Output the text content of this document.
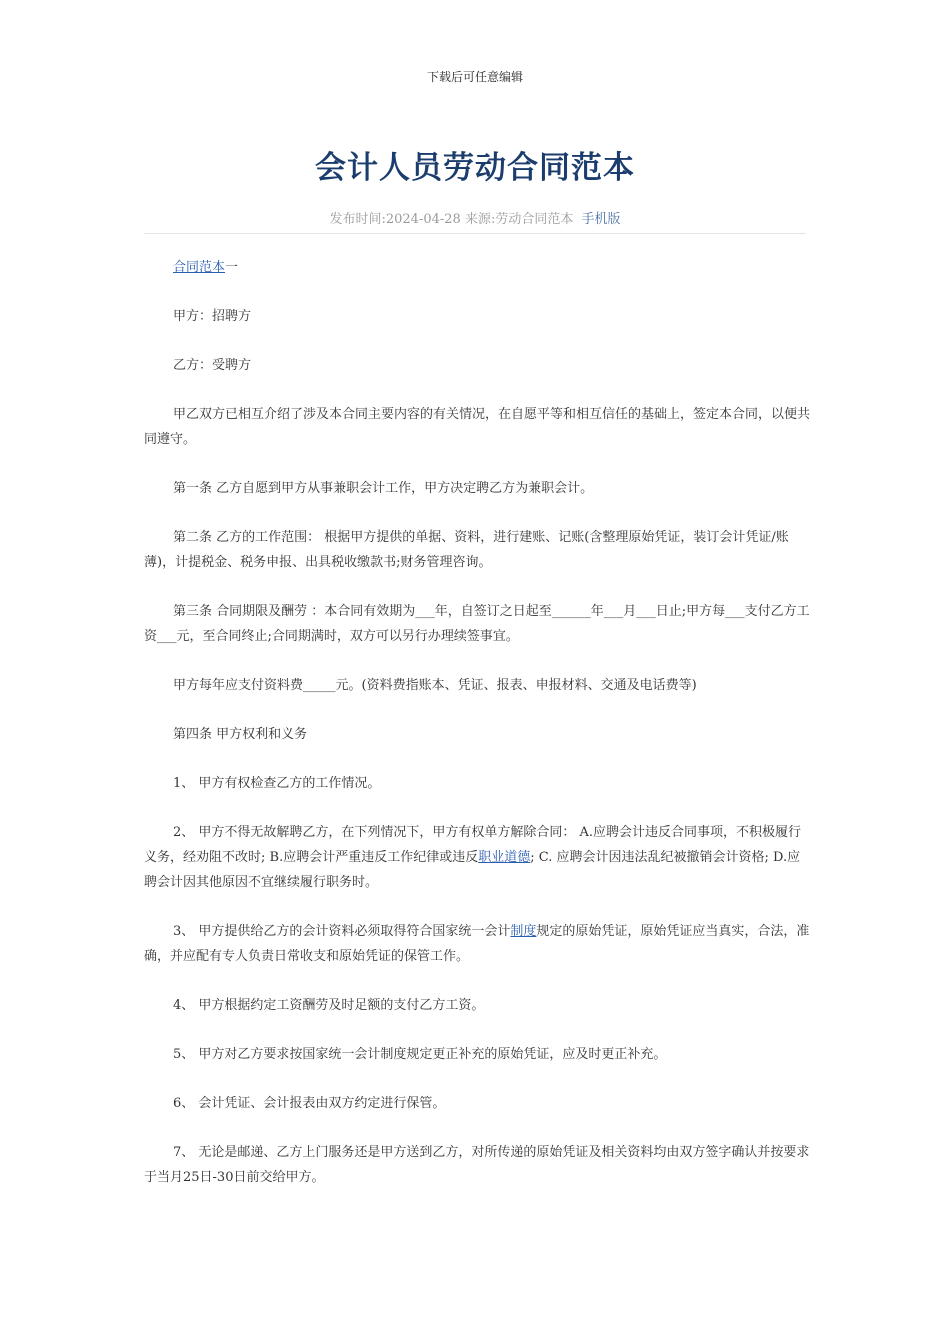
下载后可任意编辑
会计人员劳动合同范本
发布时间:2024-04-28 来源:劳动合同范本 手机版

合同范本一

甲方：招聘方

乙方：受聘方

甲乙双方已相互介绍了涉及本合同主要内容的有关情况，在自愿平等和相互信任的基础上，签定本合同，以便共同遵守。

第一条 乙方自愿到甲方从事兼职会计工作，甲方决定聘乙方为兼职会计。

第二条 乙方的工作范围： 根据甲方提供的单据、资料，进行建账、记账(含整理原始凭证，装订会计凭证/账薄)，计提税金、税务申报、出具税收缴款书;财务管理咨询。

第三条 合同期限及酬劳 ：本合同有效期为___年，自签订之日起至______年___月___日止;甲方每___支付乙方工资___元，至合同终止;合同期满时，双方可以另行办理续签事宜。

甲方每年应支付资料费_____元。(资料费指账本、凭证、报表、申报材料、交通及电话费等)

第四条 甲方权利和义务

1、 甲方有权检查乙方的工作情况。

2、 甲方不得无故解聘乙方，在下列情况下，甲方有权单方解除合同： A.应聘会计违反合同事项，不积极履行义务，经劝阻不改时; B.应聘会计严重违反工作纪律或违反职业道德; C. 应聘会计因违法乱纪被撤销会计资格; D.应聘会计因其他原因不宜继续履行职务时。

3、 甲方提供给乙方的会计资料必须取得符合国家统一会计制度规定的原始凭证，原始凭证应当真实，合法，准确，并应配有专人负责日常收支和原始凭证的保管工作。

4、 甲方根据约定工资酬劳及时足额的支付乙方工资。

5、 甲方对乙方要求按国家统一会计制度规定更正补充的原始凭证，应及时更正补充。

6、 会计凭证、会计报表由双方约定进行保管。

7、 无论是邮递、乙方上门服务还是甲方送到乙方，对所传递的原始凭证及相关资料均由双方签字确认并按要求于当月25日-30日前交给甲方。
